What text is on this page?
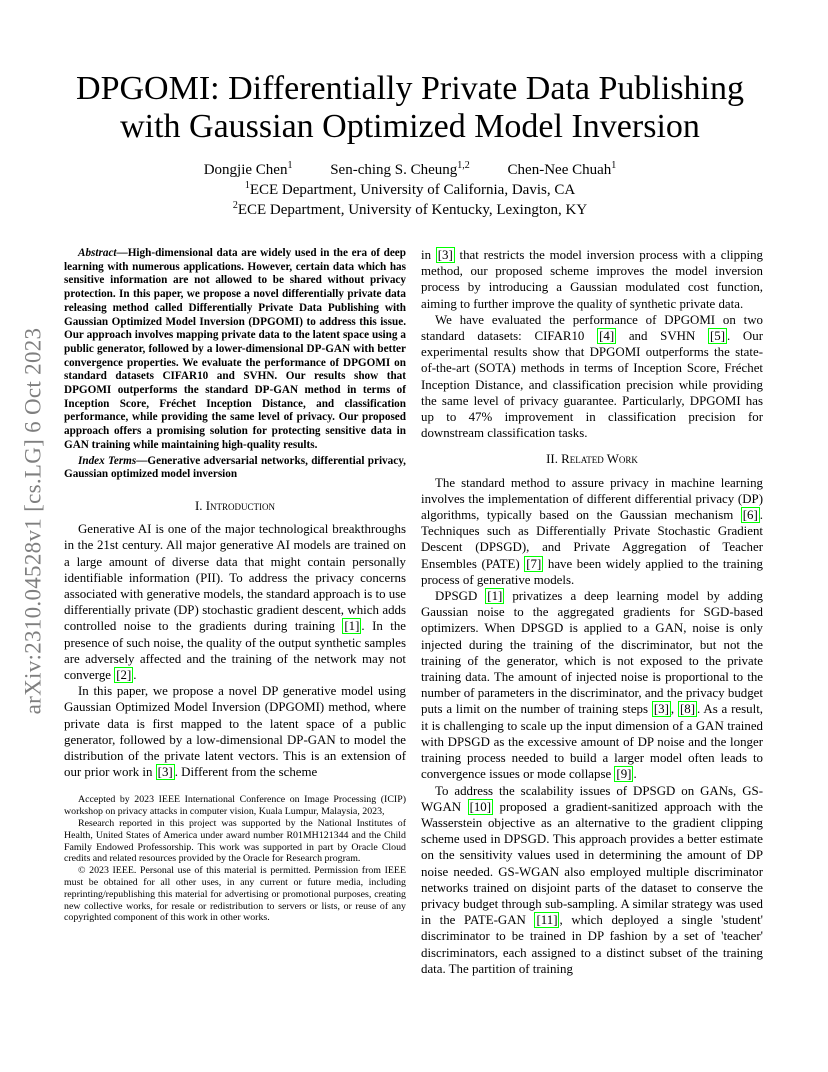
arXiv:2310.04528v1 [cs.LG] 6 Oct 2023
DPGOMI: Differentially Private Data Publishing
with Gaussian Optimized Model Inversion
Dongjie Chen$^1$	Sen-ching S. Cheung$^{1,2}$	Chen-Nee Chuah$^1$
$^1$ECE Department, University of California, Davis, CA
$^2$ECE Department, University of Kentucky, Lexington, KY

Abstract—High-dimensional data are widely used in the era of deep learning with numerous applications. However, certain data which has sensitive information are not allowed to be shared without privacy protection. In this paper, we propose a novel differentially private data releasing method called Differentially Private Data Publishing with Gaussian Optimized Model Inversion (DPGOMI) to address this issue. Our approach involves mapping private data to the latent space using a public generator, followed by a lower-dimensional DP-GAN with better convergence properties. We evaluate the performance of DPGOMI on standard datasets CIFAR10 and SVHN. Our results show that DPGOMI outperforms the standard DP-GAN method in terms of Inception Score, Fréchet Inception Distance, and classification performance, while providing the same level of privacy. Our proposed approach offers a promising solution for protecting sensitive data in GAN training while maintaining high-quality results.

Index Terms—Generative adversarial networks, differential privacy, Gaussian optimized model inversion

I. Introduction

Generative AI is one of the major technological breakthroughs in the 21st century. All major generative AI models are trained on a large amount of diverse data that might contain personally identifiable information (PII). To address the privacy concerns associated with generative models, the standard approach is to use differentially private (DP) stochastic gradient descent, which adds controlled noise to the gradients during training [1] . In the presence of such noise, the quality of the output synthetic samples are adversely affected and the training of the network may not converge [2] .

In this paper, we propose a novel DP generative model using Gaussian Optimized Model Inversion (DPGOMI) method, where private data is first mapped to the latent space of a public generator, followed by a low-dimensional DP-GAN to model the distribution of the private latent vectors. This is an extension of our prior work in [3] . Different from the scheme

Accepted by 2023 IEEE International Conference on Image Processing (ICIP) workshop on privacy attacks in computer vision, Kuala Lumpur, Malaysia, 2023,

Research reported in this project was supported by the National Institutes of Health, United States of America under award number R01MH121344 and the Child Family Endowed Professorship. This work was supported in part by Oracle Cloud credits and related resources provided by the Oracle for Research program.

© 2023 IEEE. Personal use of this material is permitted. Permission from IEEE must be obtained for all other uses, in any current or future media, including reprinting/republishing this material for advertising or promotional purposes, creating new collective works, for resale or redistribution to servers or lists, or reuse of any copyrighted component of this work in other works.

in [3] that restricts the model inversion process with a clipping method, our proposed scheme improves the model inversion process by introducing a Gaussian modulated cost function, aiming to further improve the quality of synthetic private data.

We have evaluated the performance of DPGOMI on two standard datasets: CIFAR10 [4] and SVHN [5] . Our experimental results show that DPGOMI outperforms the state-of-the-art (SOTA) methods in terms of Inception Score, Fréchet Inception Distance, and classification precision while providing the same level of privacy guarantee. Particularly, DPGOMI has up to 47% improvement in classification precision for downstream classification tasks.

II. Related Work

The standard method to assure privacy in machine learning involves the implementation of different differential privacy (DP) algorithms, typically based on the Gaussian mechanism [6] . Techniques such as Differentially Private Stochastic Gradient Descent (DPSGD), and Private Aggregation of Teacher Ensembles (PATE) [7] have been widely applied to the training process of generative models.

DPSGD [1] privatizes a deep learning model by adding Gaussian noise to the aggregated gradients for SGD-based optimizers. When DPSGD is applied to a GAN, noise is only injected during the training of the discriminator, but not the training of the generator, which is not exposed to the private training data. The amount of injected noise is proportional to the number of parameters in the discriminator, and the privacy budget puts a limit on the number of training steps [3] , [8] . As a result, it is challenging to scale up the input dimension of a GAN trained with DPSGD as the excessive amount of DP noise and the longer training process needed to build a larger model often leads to convergence issues or mode collapse [9] .

To address the scalability issues of DPSGD on GANs, GS-WGAN [10] proposed a gradient-sanitized approach with the Wasserstein objective as an alternative to the gradient clipping scheme used in DPSGD. This approach provides a better estimate on the sensitivity values used in determining the amount of DP noise needed. GS-WGAN also employed multiple discriminator networks trained on disjoint parts of the dataset to conserve the privacy budget through sub-sampling. A similar strategy was used in the PATE-GAN [11] , which deployed a single 'student' discriminator to be trained in DP fashion by a set of 'teacher' discriminators, each assigned to a distinct subset of the training data. The partition of training
